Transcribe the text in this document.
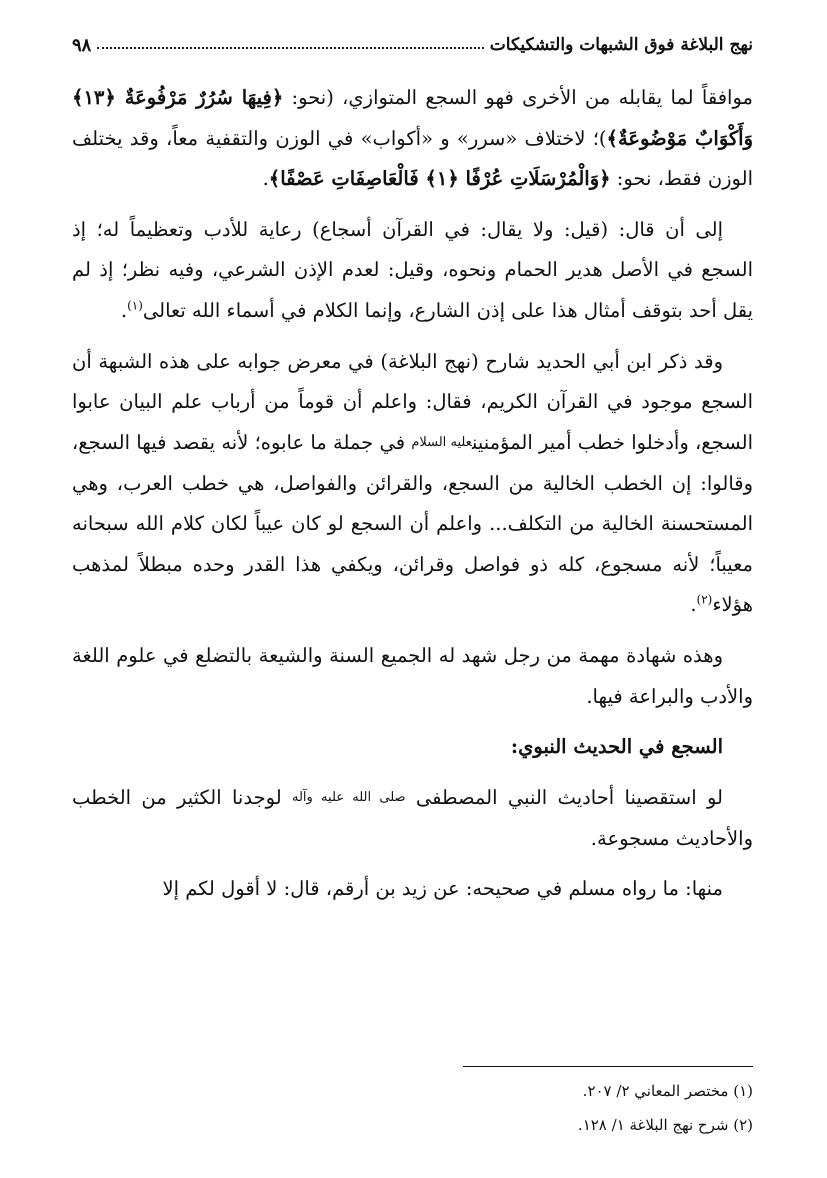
نهج البلاغة فوق الشبهات والتشكيكات
٩٨

موافقاً لما يقابله من الأخرى فهو السجع المتوازي، (نحو: ﴿فِيهَا سُرُرٌ مَرْفُوعَةٌ ﴿١٣﴾ وَأَكْوَابٌ مَوْضُوعَةٌ﴾)؛ لاختلاف «سرر» و «أكواب» في الوزن والتقفية معاً، وقد يختلف الوزن فقط، نحو: ﴿وَالْمُرْسَلَاتِ عُرْفًا ﴿١﴾ فَالْعَاصِفَاتِ عَصْفًا﴾.

إلى أن قال: (قيل: ولا يقال: في القرآن أسجاع) رعاية للأدب وتعظيماً له؛ إذ السجع في الأصل هدير الحمام ونحوه، وقيل: لعدم الإذن الشرعي، وفيه نظر؛ إذ لم يقل أحد بتوقف أمثال هذا على إذن الشارع، وإنما الكلام في أسماء الله تعالى$^{(١)}$.

وقد ذكر ابن أبي الحديد شارح (نهج البلاغة) في معرض جوابه على هذه الشبهة أن السجع موجود في القرآن الكريم، فقال: واعلم أن قوماً من أرباب علم البيان عابوا السجع، وأدخلوا خطب أمير المؤمنينعليه السلام في جملة ما عابوه؛ لأنه يقصد فيها السجع، وقالوا: إن الخطب الخالية من السجع، والقرائن والفواصل، هي خطب العرب، وهي المستحسنة الخالية من التكلف... واعلم أن السجع لو كان عيباً لكان كلام الله سبحانه معيباً؛ لأنه مسجوع، كله ذو فواصل وقرائن، ويكفي هذا القدر وحده مبطلاً لمذهب هؤلاء$^{(٢)}$.

وهذه شهادة مهمة من رجل شهد له الجميع السنة والشيعة بالتضلع في علوم اللغة والأدب والبراعة فيها.

السجع في الحديث النبوي:

لو استقصينا أحاديث النبي المصطفى صلى الله عليه وآله لوجدنا الكثير من الخطب والأحاديث مسجوعة.

منها: ما رواه مسلم في صحيحه: عن زيد بن أرقم، قال: لا أقول لكم إلا

(١) مختصر المعاني ٢/ ٢٠٧.

(٢) شرح نهج البلاغة ١/ ١٢٨.
